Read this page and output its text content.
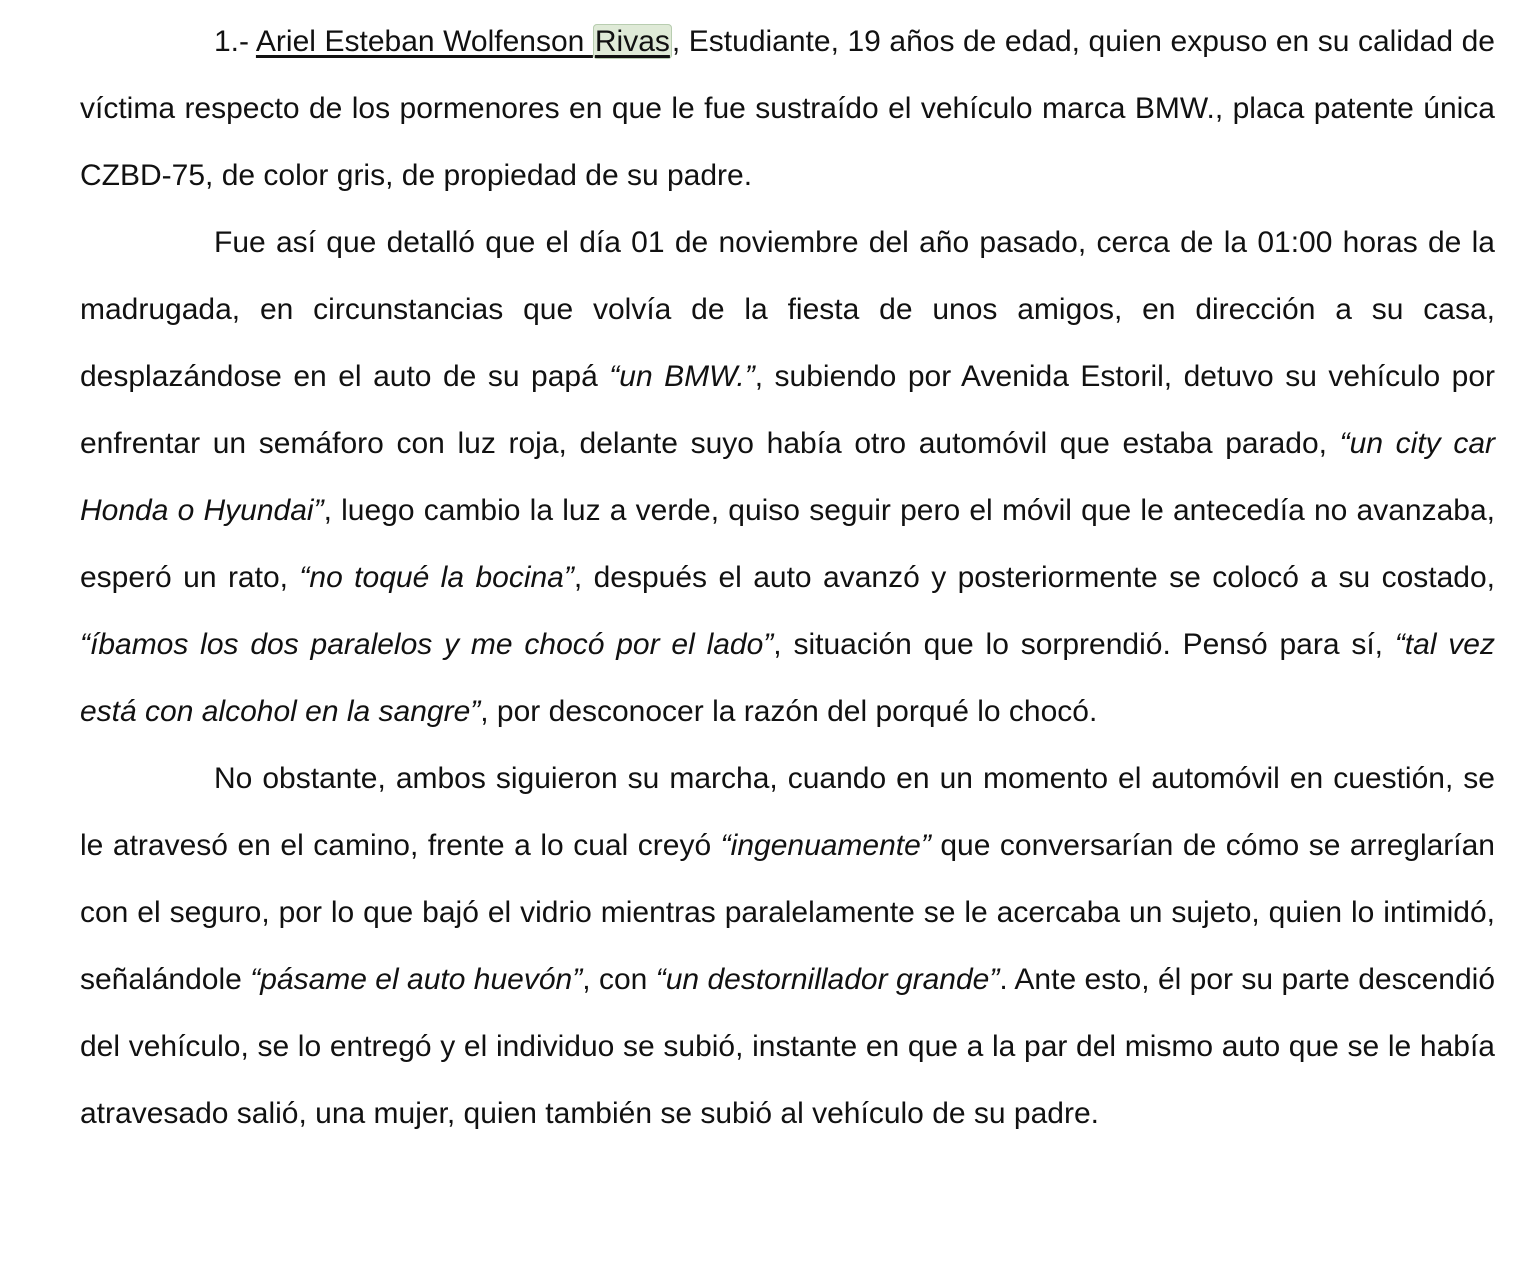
1.- Ariel Esteban Wolfenson Rivas, Estudiante, 19 años de edad, quien expuso en su calidad de víctima respecto de los pormenores en que le fue sustraído el vehículo marca BMW., placa patente única CZBD-75, de color gris, de propiedad de su padre.

Fue así que detalló que el día 01 de noviembre del año pasado, cerca de la 01:00 horas de la madrugada, en circunstancias que volvía de la fiesta de unos amigos, en dirección a su casa, desplazándose en el auto de su papá “un BMW.”, subiendo por Avenida Estoril, detuvo su vehículo por enfrentar un semáforo con luz roja, delante suyo había otro automóvil que estaba parado, “un city car Honda o Hyundai”, luego cambio la luz a verde, quiso seguir pero el móvil que le antecedía no avanzaba, esperó un rato, “no toqué la bocina”, después el auto avanzó y posteriormente se colocó a su costado, “íbamos los dos paralelos y me chocó por el lado”, situación que lo sorprendió. Pensó para sí, “tal vez está con alcohol en la sangre”, por desconocer la razón del porqué lo chocó.

No obstante, ambos siguieron su marcha, cuando en un momento el automóvil en cuestión, se le atravesó en el camino, frente a lo cual creyó “ingenuamente” que conversarían de cómo se arreglarían con el seguro, por lo que bajó el vidrio mientras paralelamente se le acercaba un sujeto, quien lo intimidó, señalándole “pásame el auto huevón”, con “un destornillador grande”. Ante esto, él por su parte descendió del vehículo, se lo entregó y el individuo se subió, instante en que a la par del mismo auto que se le había atravesado salió, una mujer, quien también se subió al vehículo de su padre.
